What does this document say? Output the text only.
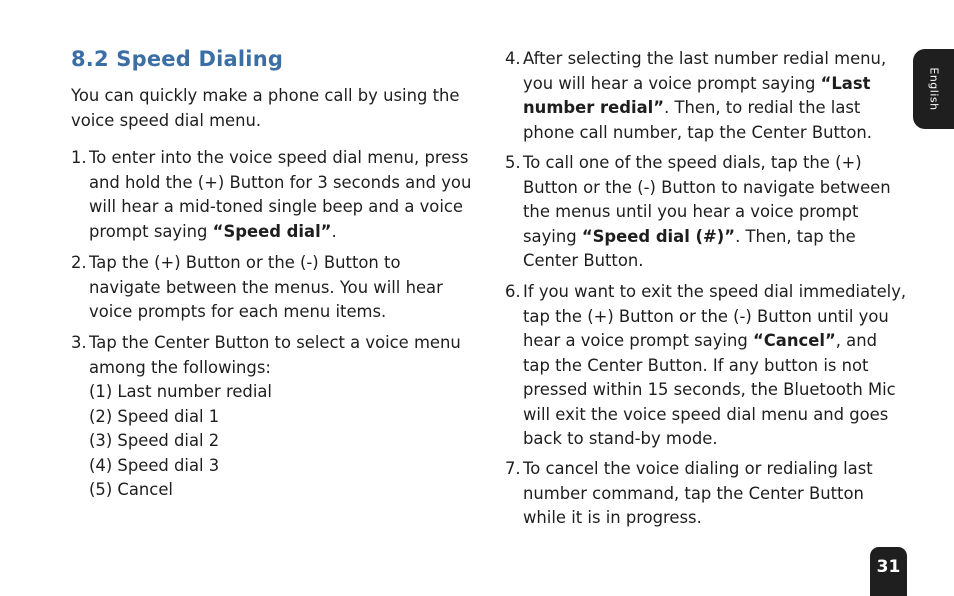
8.2 Speed Dialing

You can quickly make a phone call by using the voice speed dial menu.

1. To enter into the voice speed dial menu, press and hold the (+) Button for 3 seconds and you will hear a mid-toned single beep and a voice prompt saying “Speed dial”.
2. Tap the (+) Button or the (-) Button to navigate between the menus. You will hear voice prompts for each menu items.
3. Tap the Center Button to select a voice menu among the followings:
(1) Last number redial
(2) Speed dial 1
(3) Speed dial 2
(4) Speed dial 3
(5) Cancel
4. After selecting the last number redial menu, you will hear a voice prompt saying “Last number redial”. Then, to redial the last phone call number, tap the Center Button.
5. To call one of the speed dials, tap the (+) Button or the (-) Button to navigate between the menus until you hear a voice prompt saying “Speed dial (#)”. Then, tap the Center Button.
6. If you want to exit the speed dial immediately, tap the (+) Button or the (-) Button until you hear a voice prompt saying “Cancel”, and tap the Center Button. If any button is not pressed within 15 seconds, the Bluetooth Mic will exit the voice speed dial menu and goes back to stand-by mode.
7. To cancel the voice dialing or redialing last number command, tap the Center Button while it is in progress.
English
31
